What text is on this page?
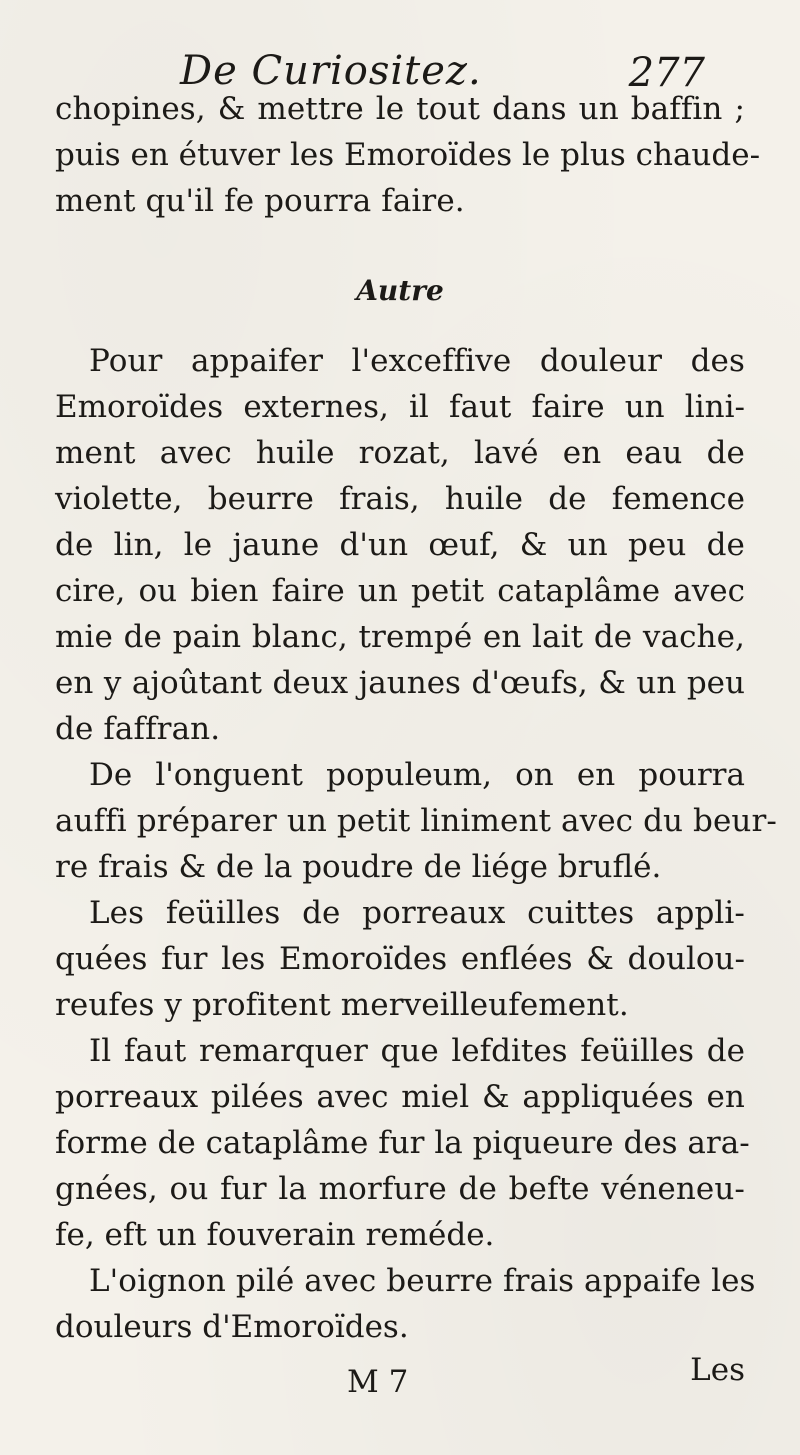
De Curiositez.	277
chopines, & mettre le tout dans un baffin ;
puis en étuver les Emoroïdes le plus chaude-
ment qu'il fe pourra faire.
Autre
Pour appaifer l'exceffive douleur des
Emoroïdes externes, il faut faire un lini-
ment avec huile rozat, lavé en eau de
violette, beurre frais, huile de femence
de lin, le jaune d'un œuf, & un peu de
cire, ou bien faire un petit cataplâme avec
mie de pain blanc, trempé en lait de vache,
en y ajoûtant deux jaunes d'œufs, & un peu
de faffran.
De l'onguent populeum, on en pourra
auffi préparer un petit liniment avec du beur-
re frais & de la poudre de liége bruflé.
Les feüilles de porreaux cuittes appli-
quées fur les Emoroïdes enflées & doulou-
reufes y profitent merveilleufement.
Il faut remarquer que lefdites feüilles de
porreaux pilées avec miel & appliquées en
forme de cataplâme fur la piqueure des ara-
gnées, ou fur la morfure de befte véneneu-
fe, eft un fouverain reméde.
L'oignon pilé avec beurre frais appaife les
douleurs d'Emoroïdes.
M 7	Les
